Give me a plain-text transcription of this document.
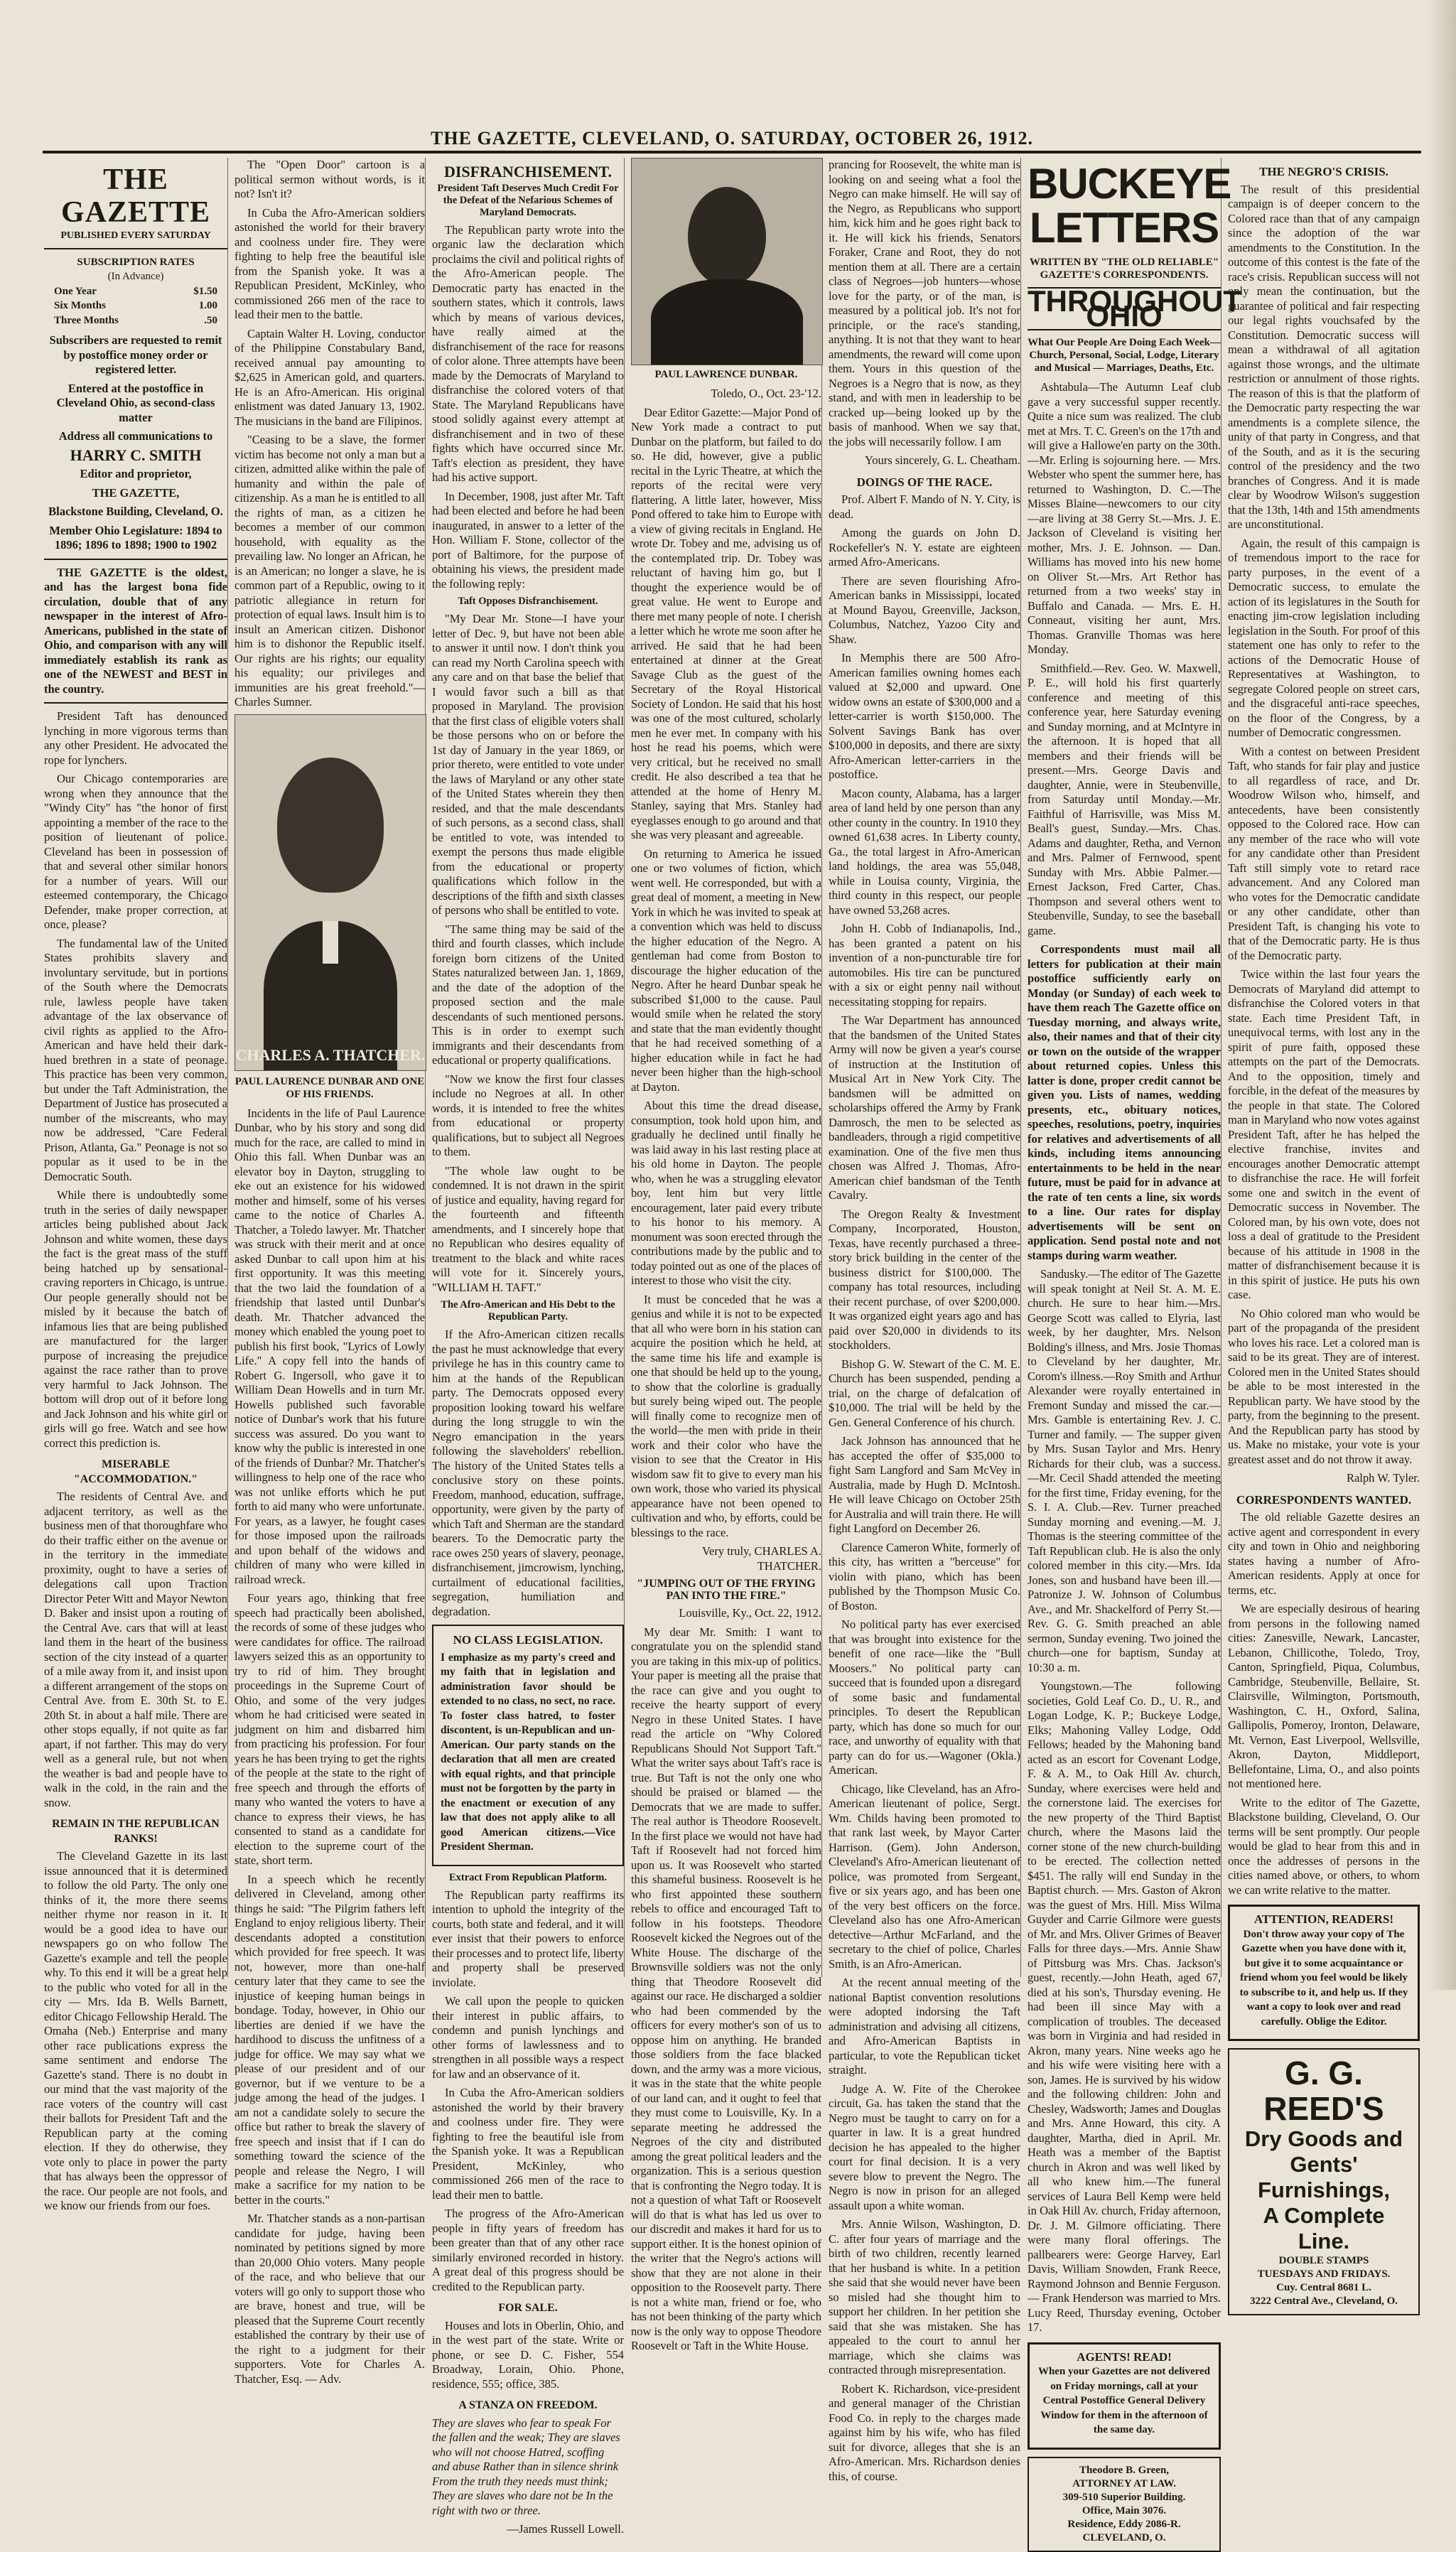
THE GAZETTE, CLEVELAND, O. SATURDAY, OCTOBER 26, 1912.
THE GAZETTE
PUBLISHED EVERY SATURDAY
SUBSCRIPTION RATES
(In Advance)
One Year	$1.50
Six Months	1.00
Three Months	.50

Subscribers are requested to remit by postoffice money order or registered letter.

Entered at the postoffice in Cleveland Ohio, as second-class matter

Address all communications to

HARRY C. SMITH

Editor and proprietor,

THE GAZETTE,

Blackstone Building, Cleveland, O.

Member Ohio Legislature: 1894 to 1896; 1896 to 1898; 1900 to 1902

THE GAZETTE is the oldest, and has the largest bona fide circulation, double that of any newspaper in the interest of Afro-Americans, published in the state of Ohio, and comparison with any will immediately establish its rank as one of the NEWEST and BEST in the country.

President Taft has denounced lynching in more vigorous terms than any other President. He advocated the rope for lynchers.

Our Chicago contemporaries are wrong when they announce that the "Windy City" has "the honor of first appointing a member of the race to the position of lieutenant of police. Cleveland has been in possession of that and several other similar honors for a number of years. Will our esteemed contemporary, the Chicago Defender, make proper correction, at once, please?

The fundamental law of the United States prohibits slavery and involuntary servitude, but in portions of the South where the Democrats rule, lawless people have taken advantage of the lax observance of civil rights as applied to the Afro-American and have held their dark-hued brethren in a state of peonage. This practice has been very common, but under the Taft Administration, the Department of Justice has prosecuted a number of the miscreants, who may now be addressed, "Care Federal Prison, Atlanta, Ga." Peonage is not so popular as it used to be in the Democratic South.

While there is undoubtedly some truth in the series of daily newspaper articles being published about Jack Johnson and white women, these days the fact is the great mass of the stuff being hatched up by sensational-craving reporters in Chicago, is untrue. Our people generally should not be misled by it because the batch of infamous lies that are being published are manufactured for the larger purpose of increasing the prejudice against the race rather than to prove very harmful to Jack Johnson. The bottom will drop out of it before long and Jack Johnson and his white girl or girls will go free. Watch and see how correct this prediction is.

MISERABLE "ACCOMMODATION."

The residents of Central Ave. and adjacent territory, as well as the business men of that thoroughfare who do their traffic either on the avenue or in the territory in the immediate proximity, ought to have a series of delegations call upon Traction Director Peter Witt and Mayor Newton D. Baker and insist upon a routing of the Central Ave. cars that will at least land them in the heart of the business section of the city instead of a quarter of a mile away from it, and insist upon a different arrangement of the stops on Central Ave. from E. 30th St. to E. 20th St. in about a half mile. There are other stops equally, if not quite as far apart, if not farther. This may do very well as a general rule, but not when the weather is bad and people have to walk in the cold, in the rain and the snow.

REMAIN IN THE REPUBLICAN RANKS!

The Cleveland Gazette in its last issue announced that it is determined to follow the old Party. The only one thinks of it, the more there seems neither rhyme nor reason in it. It would be a good idea to have our newspapers go on who follow The Gazette's example and tell the people why. To this end it will be a great help to the public who voted for all in the city — Mrs. Ida B. Wells Barnett, editor Chicago Fellowship Herald. The Omaha (Neb.) Enterprise and many other race publications express the same sentiment and endorse The Gazette's stand. There is no doubt in our mind that the vast majority of the race voters of the country will cast their ballots for President Taft and the Republican party at the coming election. If they do otherwise, they vote only to place in power the party that has always been the oppressor of the race. Our people are not fools, and we know our friends from our foes.

The "Open Door" cartoon is a political sermon without words, is it not? Isn't it?

In Cuba the Afro-American soldiers astonished the world for their bravery and coolness under fire. They were fighting to help free the beautiful isle from the Spanish yoke. It was a Republican President, McKinley, who commissioned 266 men of the race to lead their men to the battle.

Captain Walter H. Loving, conductor of the Philippine Constabulary Band, received annual pay amounting to $2,625 in American gold, and quarters. He is an Afro-American. His original enlistment was dated January 13, 1902. The musicians in the band are Filipinos.

"Ceasing to be a slave, the former victim has become not only a man but a citizen, admitted alike within the pale of humanity and within the pale of citizenship. As a man he is entitled to all the rights of man, as a citizen he becomes a member of our common household, with equality as the prevailing law. No longer an African, he is an American; no longer a slave, he is common part of a Republic, owing to it patriotic allegiance in return for protection of equal laws. Insult him is to insult an American citizen. Dishonor him is to dishonor the Republic itself. Our rights are his rights; our equality his equality; our privileges and immunities are his great freehold."—Charles Sumner.

CHARLES A. THATCHER.
PAUL LAURENCE DUNBAR AND ONE OF HIS FRIENDS.

Incidents in the life of Paul Laurence Dunbar, who by his story and song did much for the race, are called to mind in Ohio this fall. When Dunbar was an elevator boy in Dayton, struggling to eke out an existence for his widowed mother and himself, some of his verses came to the notice of Charles A. Thatcher, a Toledo lawyer. Mr. Thatcher was struck with their merit and at once asked Dunbar to call upon him at his first opportunity. It was this meeting that the two laid the foundation of a friendship that lasted until Dunbar's death. Mr. Thatcher advanced the money which enabled the young poet to publish his first book, "Lyrics of Lowly Life." A copy fell into the hands of Robert G. Ingersoll, who gave it to William Dean Howells and in turn Mr. Howells published such favorable notice of Dunbar's work that his future success was assured. Do you want to know why the public is interested in one of the friends of Dunbar? Mr. Thatcher's willingness to help one of the race who was not unlike efforts which he put forth to aid many who were unfortunate. For years, as a lawyer, he fought cases for those imposed upon the railroads and upon behalf of the widows and children of many who were killed in railroad wreck.

Four years ago, thinking that free speech had practically been abolished, the records of some of these judges who were candidates for office. The railroad lawyers seized this as an opportunity to try to rid of him. They brought proceedings in the Supreme Court of Ohio, and some of the very judges whom he had criticised were seated in judgment on him and disbarred him from practicing his profession. For four years he has been trying to get the rights of the people at the state to the right of free speech and through the efforts of many who wanted the voters to have a chance to express their views, he has consented to stand as a candidate for election to the supreme court of the state, short term.

In a speech which he recently delivered in Cleveland, among other things he said: "The Pilgrim fathers left England to enjoy religious liberty. Their descendants adopted a constitution which provided for free speech. It was not, however, more than one-half century later that they came to see the injustice of keeping human beings in bondage. Today, however, in Ohio our liberties are denied if we have the hardihood to discuss the unfitness of a judge for office. We may say what we please of our president and of our governor, but if we venture to be a judge among the head of the judges. I am not a candidate solely to secure the office but rather to break the slavery of free speech and insist that if I can do something toward the science of the people and release the Negro, I will make a sacrifice for my nation to be better in the courts."

Mr. Thatcher stands as a non-partisan candidate for judge, having been nominated by petitions signed by more than 20,000 Ohio voters. Many people of the race, and who believe that our voters will go only to support those who are brave, honest and true, will be pleased that the Supreme Court recently established the contrary by their use of the right to a judgment for their supporters. Vote for Charles A. Thatcher, Esq. — Adv.

DISFRANCHISEMENT.
President Taft Deserves Much Credit For the Defeat of the Nefarious Schemes of Maryland Democrats.

The Republican party wrote into the organic law the declaration which proclaims the civil and political rights of the Afro-American people. The Democratic party has enacted in the southern states, which it controls, laws which by means of various devices, have really aimed at the disfranchisement of the race for reasons of color alone. Three attempts have been made by the Democrats of Maryland to disfranchise the colored voters of that State. The Maryland Republicans have stood solidly against every attempt at disfranchisement and in two of these fights which have occurred since Mr. Taft's election as president, they have had his active support.

In December, 1908, just after Mr. Taft had been elected and before he had been inaugurated, in answer to a letter of the Hon. William F. Stone, collector of the port of Baltimore, for the purpose of obtaining his views, the president made the following reply:

Taft Opposes Disfranchisement.

"My Dear Mr. Stone—I have your letter of Dec. 9, but have not been able to answer it until now. I don't think you can read my North Carolina speech with any care and on that base the belief that I would favor such a bill as that proposed in Maryland. The provision that the first class of eligible voters shall be those persons who on or before the 1st day of January in the year 1869, or prior thereto, were entitled to vote under the laws of Maryland or any other state of the United States wherein they then resided, and that the male descendants of such persons, as a second class, shall be entitled to vote, was intended to exempt the persons thus made eligible from the educational or property qualifications which follow in the descriptions of the fifth and sixth classes of persons who shall be entitled to vote.

"The same thing may be said of the third and fourth classes, which include foreign born citizens of the United States naturalized between Jan. 1, 1869, and the date of the adoption of the proposed section and the male descendants of such mentioned persons. This is in order to exempt such immigrants and their descendants from educational or property qualifications.

"Now we know the first four classes include no Negroes at all. In other words, it is intended to free the whites from educational or property qualifications, but to subject all Negroes to them.

"The whole law ought to be condemned. It is not drawn in the spirit of justice and equality, having regard for the fourteenth and fifteenth amendments, and I sincerely hope that no Republican who desires equality of treatment to the black and white races will vote for it. Sincerely yours, "WILLIAM H. TAFT."

The Afro-American and His Debt to the Republican Party.

If the Afro-American citizen recalls the past he must acknowledge that every privilege he has in this country came to him at the hands of the Republican party. The Democrats opposed every proposition looking toward his welfare during the long struggle to win the Negro emancipation in the years following the slaveholders' rebellion. The history of the United States tells a conclusive story on these points. Freedom, manhood, education, suffrage, opportunity, were given by the party of which Taft and Sherman are the standard bearers. To the Democratic party the race owes 250 years of slavery, peonage, disfranchisement, jimcrowism, lynching, curtailment of educational facilities, segregation, humiliation and degradation.

NO CLASS LEGISLATION.

I emphasize as my party's creed and my faith that in legislation and administration favor should be extended to no class, no sect, no race. To foster class hatred, to foster discontent, is un-Republican and un-American. Our party stands on the declaration that all men are created with equal rights, and that principle must not be forgotten by the party in the enactment or execution of any law that does not apply alike to all good American citizens.—Vice President Sherman.

Extract From Republican Platform.

The Republican party reaffirms its intention to uphold the integrity of the courts, both state and federal, and it will ever insist that their powers to enforce their processes and to protect life, liberty and property shall be preserved inviolate.

We call upon the people to quicken their interest in public affairs, to condemn and punish lynchings and other forms of lawlessness and to strengthen in all possible ways a respect for law and an observance of it.

In Cuba the Afro-American soldiers astonished the world by their bravery and coolness under fire. They were fighting to free the beautiful isle from the Spanish yoke. It was a Republican President, McKinley, who commissioned 266 men of the race to lead their men to battle.

The progress of the Afro-American people in fifty years of freedom has been greater than that of any other race similarly environed recorded in history. A great deal of this progress should be credited to the Republican party.

FOR SALE.

Houses and lots in Oberlin, Ohio, and in the west part of the state. Write or phone, or see D. C. Fisher, 554 Broadway, Lorain, Ohio. Phone, residence, 555; office, 385.

A STANZA ON FREEDOM.

They are slaves who fear to speak For the fallen and the weak; They are slaves who will not choose Hatred, scoffing and abuse Rather than in silence shrink From the truth they needs must think; They are slaves who dare not be In the right with two or three.

—James Russell Lowell.

PAUL LAWRENCE DUNBAR.

Toledo, O., Oct. 23-'12.

Dear Editor Gazette:—Major Pond of New York made a contract to put Dunbar on the platform, but failed to do so. He did, however, give a public recital in the Lyric Theatre, at which the reports of the recital were very flattering. A little later, however, Miss Pond offered to take him to Europe with a view of giving recitals in England. He wrote Dr. Tobey and me, advising us of the contemplated trip. Dr. Tobey was reluctant of having him go, but I thought the experience would be of great value. He went to Europe and there met many people of note. I cherish a letter which he wrote me soon after he arrived. He said that he had been entertained at dinner at the Great Savage Club as the guest of the Secretary of the Royal Historical Society of London. He said that his host was one of the most cultured, scholarly men he ever met. In company with his host he read his poems, which were very critical, but he received no small credit. He also described a tea that he attended at the home of Henry M. Stanley, saying that Mrs. Stanley had eyeglasses enough to go around and that she was very pleasant and agreeable.

On returning to America he issued one or two volumes of fiction, which went well. He corresponded, but with a great deal of moment, a meeting in New York in which he was invited to speak at a convention which was held to discuss the higher education of the Negro. A gentleman had come from Boston to discourage the higher education of the Negro. After he heard Dunbar speak he subscribed $1,000 to the cause. Paul would smile when he related the story and state that the man evidently thought that he had received something of a higher education while in fact he had never been higher than the high-school at Dayton.

About this time the dread disease, consumption, took hold upon him, and gradually he declined until finally he was laid away in his last resting place at his old home in Dayton. The people who, when he was a struggling elevator boy, lent him but very little encouragement, later paid every tribute to his honor to his memory. A monument was soon erected through the contributions made by the public and to today pointed out as one of the places of interest to those who visit the city.

It must be conceded that he was a genius and while it is not to be expected that all who were born in his station can acquire the position which he held, at the same time his life and example is one that should be held up to the young, to show that the colorline is gradually but surely being wiped out. The people will finally come to recognize men of the world—the men with pride in their work and their color who have the vision to see that the Creator in His wisdom saw fit to give to every man his own work, those who varied its physical appearance have not been opened to cultivation and who, by efforts, could be blessings to the race.

Very truly, CHARLES A. THATCHER.

"JUMPING OUT OF THE FRYING PAN INTO THE FIRE."

Louisville, Ky., Oct. 22, 1912.

My dear Mr. Smith: I want to congratulate you on the splendid stand you are taking in this mix-up of politics. Your paper is meeting all the praise that the race can give and you ought to receive the hearty support of every Negro in these United States. I have read the article on "Why Colored Republicans Should Not Support Taft." What the writer says about Taft's race is true. But Taft is not the only one who should be praised or blamed — the Democrats that we are made to suffer. The real author is Theodore Roosevelt. In the first place we would not have had Taft if Roosevelt had not forced him upon us. It was Roosevelt who started this shameful business. Roosevelt is he who first appointed these southern rebels to office and encouraged Taft to follow in his footsteps. Theodore Roosevelt kicked the Negroes out of the White House. The discharge of the Brownsville soldiers was not the only thing that Theodore Roosevelt did against our race. He discharged a soldier who had been commended by the officers for every mother's son of us to oppose him on anything. He branded those soldiers from the face blacked down, and the army was a more vicious, it was in the state that the white people of our land can, and it ought to feel that they must come to Louisville, Ky. In a separate meeting he addressed the Negroes of the city and distributed among the great political leaders and the organization. This is a serious question that is confronting the Negro today. It is not a question of what Taft or Roosevelt will do that is what has led us over to our discredit and makes it hard for us to support either. It is the honest opinion of the writer that the Negro's actions will show that they are not alone in their opposition to the Roosevelt party. There is not a white man, friend or foe, who has not been thinking of the party which now is the only way to oppose Theodore Roosevelt or Taft in the White House.

prancing for Roosevelt, the white man is looking on and seeing what a fool the Negro can make himself. He will say of the Negro, as Republicans who support him, kick him and he goes right back to it. He will kick his friends, Senators Foraker, Crane and Root, they do not mention them at all. There are a certain class of Negroes—job hunters—whose love for the party, or of the man, is measured by a political job. It's not for principle, or the race's standing, anything. It is not that they want to hear amendments, the reward will come upon them. Yours in this question of the Negroes is a Negro that is now, as they stand, and with men in leadership to be cracked up—being looked up by the basis of manhood. When we say that, the jobs will necessarily follow. I am

Yours sincerely, G. L. Cheatham.

DOINGS OF THE RACE.

Prof. Albert F. Mando of N. Y. City, is dead.

Among the guards on John D. Rockefeller's N. Y. estate are eighteen armed Afro-Americans.

There are seven flourishing Afro-American banks in Mississippi, located at Mound Bayou, Greenville, Jackson, Columbus, Natchez, Yazoo City and Shaw.

In Memphis there are 500 Afro-American families owning homes each valued at $2,000 and upward. One widow owns an estate of $300,000 and a letter-carrier is worth $150,000. The Solvent Savings Bank has over $100,000 in deposits, and there are sixty Afro-American letter-carriers in the postoffice.

Macon county, Alabama, has a larger area of land held by one person than any other county in the country. In 1910 they owned 61,638 acres. In Liberty county, Ga., the total largest in Afro-American land holdings, the area was 55,048, while in Louisa county, Virginia, the third county in this respect, our people have owned 53,268 acres.

John H. Cobb of Indianapolis, Ind., has been granted a patent on his invention of a non-puncturable tire for automobiles. His tire can be punctured with a six or eight penny nail without necessitating stopping for repairs.

The War Department has announced that the bandsmen of the United States Army will now be given a year's course of instruction at the Institution of Musical Art in New York City. The bandsmen will be admitted on scholarships offered the Army by Frank Damrosch, the men to be selected as bandleaders, through a rigid competitive examination. One of the five men thus chosen was Alfred J. Thomas, Afro-American chief bandsman of the Tenth Cavalry.

The Oregon Realty & Investment Company, Incorporated, Houston, Texas, have recently purchased a three-story brick building in the center of the business district for $100,000. The company has total resources, including their recent purchase, of over $200,000. It was organized eight years ago and has paid over $20,000 in dividends to its stockholders.

Bishop G. W. Stewart of the C. M. E. Church has been suspended, pending a trial, on the charge of defalcation of $10,000. The trial will be held by the Gen. General Conference of his church.

Jack Johnson has announced that he has accepted the offer of $35,000 to fight Sam Langford and Sam McVey in Australia, made by Hugh D. McIntosh. He will leave Chicago on October 25th for Australia and will train there. He will fight Langford on December 26.

Clarence Cameron White, formerly of this city, has written a "berceuse" for violin with piano, which has been published by the Thompson Music Co. of Boston.

No political party has ever exercised that was brought into existence for the benefit of one race—like the "Bull Moosers." No political party can succeed that is founded upon a disregard of some basic and fundamental principles. To desert the Republican party, which has done so much for our race, and unworthy of equality with that party can do for us.—Wagoner (Okla.) American.

Chicago, like Cleveland, has an Afro-American lieutenant of police, Sergt. Wm. Childs having been promoted to that rank last week, by Mayor Carter Harrison. (Gem). John Anderson, Cleveland's Afro-American lieutenant of police, was promoted from Sergeant, five or six years ago, and has been one of the very best officers on the force. Cleveland also has one Afro-American detective—Arthur McFarland, and the secretary to the chief of police, Charles Smith, is an Afro-American.

At the recent annual meeting of the national Baptist convention resolutions were adopted indorsing the Taft administration and advising all citizens, and Afro-American Baptists in particular, to vote the Republican ticket straight.

Judge A. W. Fite of the Cherokee circuit, Ga. has taken the stand that the Negro must be taught to carry on for a quarter in law. It is a great hundred decision he has appealed to the higher court for final decision. It is a very severe blow to prevent the Negro. The Negro is now in prison for an alleged assault upon a white woman.

Mrs. Annie Wilson, Washington, D. C. after four years of marriage and the birth of two children, recently learned that her husband is white. In a petition she said that she would never have been so misled had she thought him to support her children. In her petition she said that she was mistaken. She has appealed to the court to annul her marriage, which she claims was contracted through misrepresentation.

Robert K. Richardson, vice-president and general manager of the Christian Food Co. in reply to the charges made against him by his wife, who has filed suit for divorce, alleges that she is an Afro-American. Mrs. Richardson denies this, of course.

BUCKEYE LETTERS
WRITTEN BY "THE OLD RELIABLE" GAZETTE'S CORRESPONDENTS.
THROUGHOUT OHIO
What Our People Are Doing Each Week—Church, Personal, Social, Lodge, Literary and Musical — Marriages, Deaths, Etc.

Ashtabula—The Autumn Leaf club gave a very successful supper recently. Quite a nice sum was realized. The club met at Mrs. T. C. Green's on the 17th and will give a Hallowe'en party on the 30th.—Mr. Erling is sojourning here. — Mrs. Webster who spent the summer here, has returned to Washington, D. C.—The Misses Blaine—newcomers to our city—are living at 38 Gerry St.—Mrs. J. E. Jackson of Cleveland is visiting her mother, Mrs. J. E. Johnson. — Dan. Williams has moved into his new home on Oliver St.—Mrs. Art Rethor has returned from a two weeks' stay in Buffalo and Canada. — Mrs. E. H. Conneaut, visiting her aunt, Mrs. Thomas. Granville Thomas was here Monday.

Smithfield.—Rev. Geo. W. Maxwell, P. E., will hold his first quarterly conference and meeting of this conference year, here Saturday evening and Sunday morning, and at McIntyre in the afternoon. It is hoped that all members and their friends will be present.—Mrs. George Davis and daughter, Annie, were in Steubenville, from Saturday until Monday.—Mr. Faithful of Harrisville, was Miss M. Beall's guest, Sunday.—Mrs. Chas. Adams and daughter, Retha, and Vernon and Mrs. Palmer of Fernwood, spent Sunday with Mrs. Abbie Palmer.—Ernest Jackson, Fred Carter, Chas. Thompson and several others went to Steubenville, Sunday, to see the baseball game.

Correspondents must mail all letters for publication at their main postoffice sufficiently early on Monday (or Sunday) of each week to have them reach The Gazette office on Tuesday morning, and always write, also, their names and that of their city or town on the outside of the wrapper about returned copies. Unless this latter is done, proper credit cannot be given you. Lists of names, wedding presents, etc., obituary notices, speeches, resolutions, poetry, inquiries for relatives and advertisements of all kinds, including items announcing entertainments to be held in the near future, must be paid for in advance at the rate of ten cents a line, six words to a line. Our rates for display advertisements will be sent on application. Send postal note and not stamps during warm weather.

Sandusky.—The editor of The Gazette will speak tonight at Neil St. A. M. E. church. He sure to hear him.—Mrs. George Scott was called to Elyria, last week, by her daughter, Mrs. Nelson Bolding's illness, and Mrs. Josie Thomas to Cleveland by her daughter, Mr. Corom's illness.—Roy Smith and Arthur Alexander were royally entertained in Fremont Sunday and missed the car.—Mrs. Gamble is entertaining Rev. J. C. Turner and family. — The supper given by Mrs. Susan Taylor and Mrs. Henry Richards for their club, was a success. —Mr. Cecil Shadd attended the meeting for the first time, Friday evening, for the S. I. A. Club.—Rev. Turner preached Sunday morning and evening.—M. J. Thomas is the steering committee of the Taft Republican club. He is also the only colored member in this city.—Mrs. Ida Jones, son and husband have been ill.—Patronize J. W. Johnson of Columbus Ave., and Mr. Shackelford of Perry St.—Rev. G. G. Smith preached an able sermon, Sunday evening. Two joined the church—one for baptism, Sunday at 10:30 a. m.

Youngstown.—The following societies, Gold Leaf Co. D., U. R., and Logan Lodge, K. P.; Buckeye Lodge, Elks; Mahoning Valley Lodge, Odd Fellows; headed by the Mahoning band acted as an escort for Covenant Lodge, F. & A. M., to Oak Hill Av. church, Sunday, where exercises were held and the cornerstone laid. The exercises for the new property of the Third Baptist church, where the Masons laid the corner stone of the new church-building to be erected. The collection netted $451. The rally will end Sunday in the Baptist church. — Mrs. Gaston of Akron was the guest of Mrs. Hill. Miss Wilma Guyder and Carrie Gilmore were guests of Mr. and Mrs. Oliver Grimes of Beaver Falls for three days.—Mrs. Annie Shaw of Pittsburg was Mrs. Chas. Jackson's guest, recently.—John Heath, aged 67, died at his son's, Thursday evening. He had been ill since May with a complication of troubles. The deceased was born in Virginia and had resided in Akron, many years. Nine weeks ago he and his wife were visiting here with a son, James. He is survived by his widow and the following children: John and Chesley, Wadsworth; James and Douglas and Mrs. Anne Howard, this city. A daughter, Martha, died in April. Mr. Heath was a member of the Baptist church in Akron and was well liked by all who knew him.—The funeral services of Laura Bell Kemp were held in Oak Hill Av. church, Friday afternoon, Dr. J. M. Gilmore officiating. There were many floral offerings. The pallbearers were: George Harvey, Earl Davis, William Snowden, Frank Reece, Raymond Johnson and Bennie Ferguson. — Frank Henderson was married to Mrs. Lucy Reed, Thursday evening, October 17.

AGENTS! READ!

When your Gazettes are not delivered on Friday mornings, call at your Central Postoffice General Delivery Window for them in the afternoon of the same day.

Theodore B. Green,
ATTORNEY AT LAW.
309-510 Superior Building.
Office, Main 3076.
Residence, Eddy 2086-R.
CLEVELAND, O.
THE NEGRO'S CRISIS.

The result of this presidential campaign is of deeper concern to the Colored race than that of any campaign since the adoption of the war amendments to the Constitution. In the outcome of this contest is the fate of the race's crisis. Republican success will not only mean the continuation, but the guarantee of political and fair respecting our legal rights vouchsafed by the Constitution. Democratic success will mean a withdrawal of all agitation against those wrongs, and the ultimate restriction or annulment of those rights. The reason of this is that the platform of the Democratic party respecting the war amendments is a complete silence, the unity of that party in Congress, and that of the South, and as it is the securing control of the presidency and the two branches of Congress. And it is made clear by Woodrow Wilson's suggestion that the 13th, 14th and 15th amendments are unconstitutional.

Again, the result of this campaign is of tremendous import to the race for party purposes, in the event of a Democratic success, to emulate the action of its legislatures in the South for enacting jim-crow legislation including legislation in the South. For proof of this statement one has only to refer to the actions of the Democratic House of Representatives at Washington, to segregate Colored people on street cars, and the disgraceful anti-race speeches, on the floor of the Congress, by a number of Democratic congressmen.

With a contest on between President Taft, who stands for fair play and justice to all regardless of race, and Dr. Woodrow Wilson who, himself, and antecedents, have been consistently opposed to the Colored race. How can any member of the race who will vote for any candidate other than President Taft still simply vote to retard race advancement. And any Colored man who votes for the Democratic candidate or any other candidate, other than President Taft, is changing his vote to that of the Democratic party. He is thus of the Democratic party.

Twice within the last four years the Democrats of Maryland did attempt to disfranchise the Colored voters in that state. Each time President Taft, in unequivocal terms, with lost any in the spirit of pure faith, opposed these attempts on the part of the Democrats. And to the opposition, timely and forcible, in the defeat of the measures by the people in that state. The Colored man in Maryland who now votes against President Taft, after he has helped the elective franchise, invites and encourages another Democratic attempt to disfranchise the race. He will forfeit some one and switch in the event of Democratic success in November. The Colored man, by his own vote, does not loss a deal of gratitude to the President because of his attitude in 1908 in the matter of disfranchisement because it is in this spirit of justice. He puts his own case.

No Ohio colored man who would be part of the propaganda of the president who loves his race. Let a colored man is said to be its great. They are of interest. Colored men in the United States should be able to be most interested in the Republican party. We have stood by the party, from the beginning to the present. And the Republican party has stood by us. Make no mistake, your vote is your greatest asset and do not throw it away.

Ralph W. Tyler.

CORRESPONDENTS WANTED.

The old reliable Gazette desires an active agent and correspondent in every city and town in Ohio and neighboring states having a number of Afro-American residents. Apply at once for terms, etc.

We are especially desirous of hearing from persons in the following named cities: Zanesville, Newark, Lancaster, Lebanon, Chillicothe, Toledo, Troy, Canton, Springfield, Piqua, Columbus, Cambridge, Steubenville, Bellaire, St. Clairsville, Wilmington, Portsmouth, Washington, C. H., Oxford, Salina, Gallipolis, Pomeroy, Ironton, Delaware, Mt. Vernon, East Liverpool, Wellsville, Akron, Dayton, Middleport, Bellefontaine, Lima, O., and also points not mentioned here.

Write to the editor of The Gazette, Blackstone building, Cleveland, O. Our terms will be sent promptly. Our people would be glad to hear from this and in once the addresses of persons in the cities named above, or others, to whom we can write relative to the matter.

ATTENTION, READERS!

Don't throw away your copy of The Gazette when you have done with it, but give it to some acquaintance or friend whom you feel would be likely to subscribe to it, and help us. If they want a copy to look over and read carefully. Oblige the Editor.

G. G. REED'S
Dry Goods and
Gents' Furnishings,
A Complete Line.
DOUBLE STAMPS
TUESDAYS AND FRIDAYS.
Cuy. Central 8681 L.
3222 Central Ave., Cleveland, O.
